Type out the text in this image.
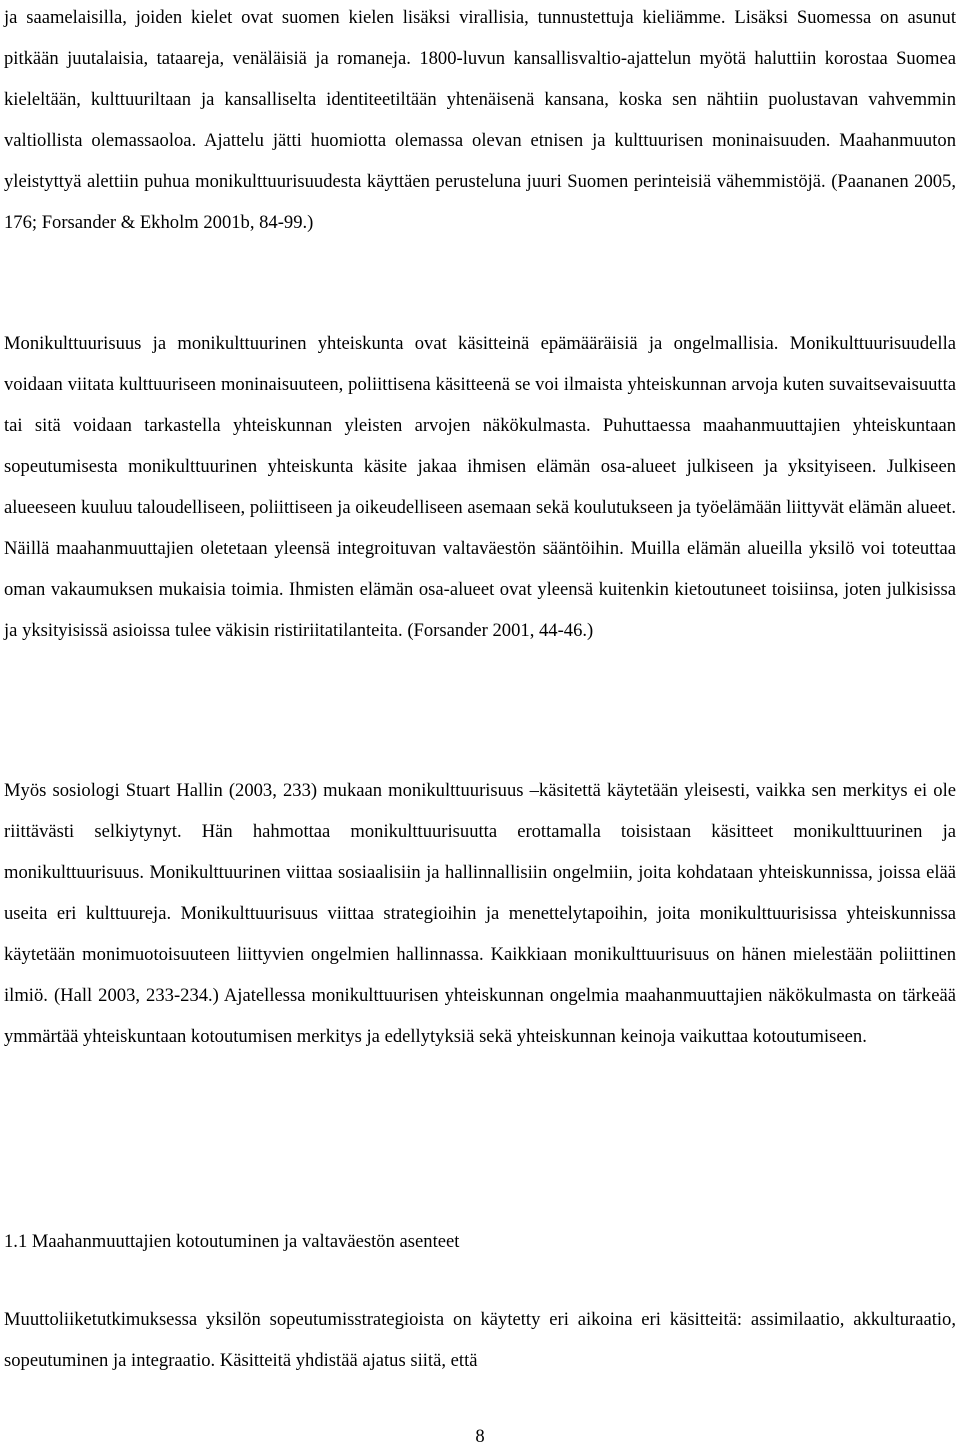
ja saamelaisilla, joiden kielet ovat suomen kielen lisäksi virallisia, tunnustettuja kieliämme. Lisäksi Suomessa on asunut pitkään juutalaisia, tataareja, venäläisiä ja romaneja. 1800-luvun kansallisvaltio-ajattelun myötä haluttiin korostaa Suomea kieleltään, kulttuuriltaan ja kansalliselta identiteetiltään yhtenäisenä kansana, koska sen nähtiin puolustavan vahvemmin valtiollista olemassaoloa. Ajattelu jätti huomiotta olemassa olevan etnisen ja kulttuurisen moninaisuuden. Maahanmuuton yleistyttyä alettiin puhua monikulttuurisuudesta käyttäen perusteluna juuri Suomen perinteisiä vähemmistöjä. (Paananen 2005, 176; Forsander & Ekholm 2001b, 84-99.)

Monikulttuurisuus ja monikulttuurinen yhteiskunta ovat käsitteinä epämääräisiä ja ongelmallisia. Monikulttuurisuudella voidaan viitata kulttuuriseen moninaisuuteen, poliittisena käsitteenä se voi ilmaista yhteiskunnan arvoja kuten suvaitsevaisuutta tai sitä voidaan tarkastella yhteiskunnan yleisten arvojen näkökulmasta. Puhuttaessa maahanmuuttajien yhteiskuntaan sopeutumisesta monikulttuurinen yhteiskunta käsite jakaa ihmisen elämän osa-alueet julkiseen ja yksityiseen. Julkiseen alueeseen kuuluu taloudelliseen, poliittiseen ja oikeudelliseen asemaan sekä koulutukseen ja työelämään liittyvät elämän alueet. Näillä maahanmuuttajien oletetaan yleensä integroituvan valtaväestön sääntöihin. Muilla elämän alueilla yksilö voi toteuttaa oman vakaumuksen mukaisia toimia. Ihmisten elämän osa-alueet ovat yleensä kuitenkin kietoutuneet toisiinsa, joten julkisissa ja yksityisissä asioissa tulee väkisin ristiriitatilanteita. (Forsander 2001, 44-46.)

Myös sosiologi Stuart Hallin (2003, 233) mukaan monikulttuurisuus –käsitettä käytetään yleisesti, vaikka sen merkitys ei ole riittävästi selkiytynyt. Hän hahmottaa monikulttuurisuutta erottamalla toisistaan käsitteet monikulttuurinen ja monikulttuurisuus. Monikulttuurinen viittaa sosiaalisiin ja hallinnallisiin ongelmiin, joita kohdataan yhteiskunnissa, joissa elää useita eri kulttuureja. Monikulttuurisuus viittaa strategioihin ja menettelytapoihin, joita monikulttuurisissa yhteiskunnissa käytetään monimuotoisuuteen liittyvien ongelmien hallinnassa. Kaikkiaan monikulttuurisuus on hänen mielestään poliittinen ilmiö. (Hall 2003, 233-234.) Ajatellessa monikulttuurisen yhteiskunnan ongelmia maahanmuuttajien näkökulmasta on tärkeää ymmärtää yhteiskuntaan kotoutumisen merkitys ja edellytyksiä sekä yhteiskunnan keinoja vaikuttaa kotoutumiseen.

1.1 Maahanmuuttajien kotoutuminen ja valtaväestön asenteet

Muuttoliiketutkimuksessa yksilön sopeutumisstrategioista on käytetty eri aikoina eri käsitteitä: assimilaatio, akkulturaatio, sopeutuminen ja integraatio. Käsitteitä yhdistää ajatus siitä, että

8
